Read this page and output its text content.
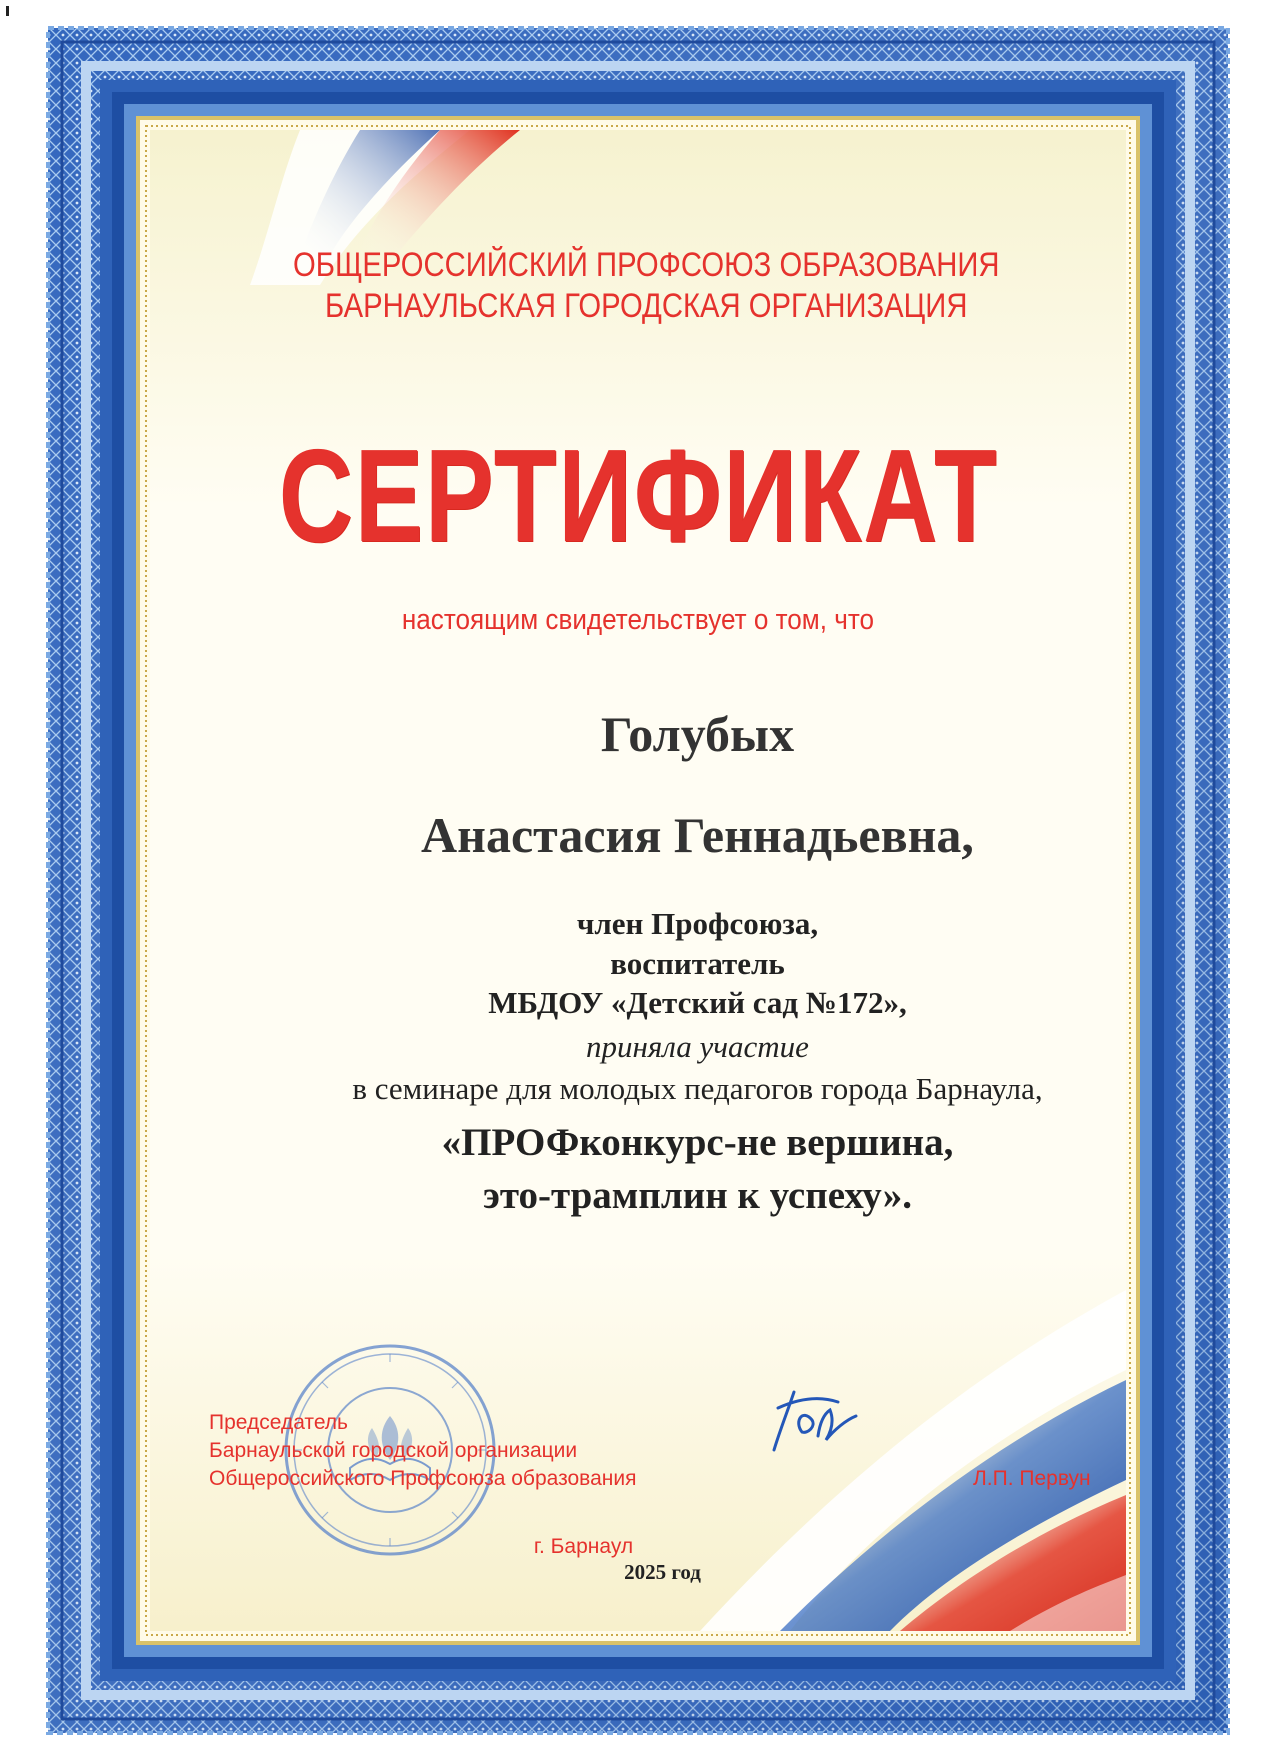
ОБЩЕРОССИЙСКИЙ ПРОФСОЮЗ ОБРАЗОВАНИЯ
БАРНАУЛЬСКАЯ ГОРОДСКАЯ ОРГАНИЗАЦИЯ
СЕРТИФИКАТ
настоящим свидетельствует о том, что
Голубых
Анастасия Геннадьевна,
член Профсоюза,
воспитатель
МБДОУ «Детский сад №172»,
приняла участие
в семинаре для молодых педагогов города Барнаула,
«ПРОФконкурс-не вершина,
это-трамплин к успеху».
Председатель
Барнаульской городской организации
Общероссийского Профсоюза образования	Л.П. Первун
г. Барнаул
2025 год
